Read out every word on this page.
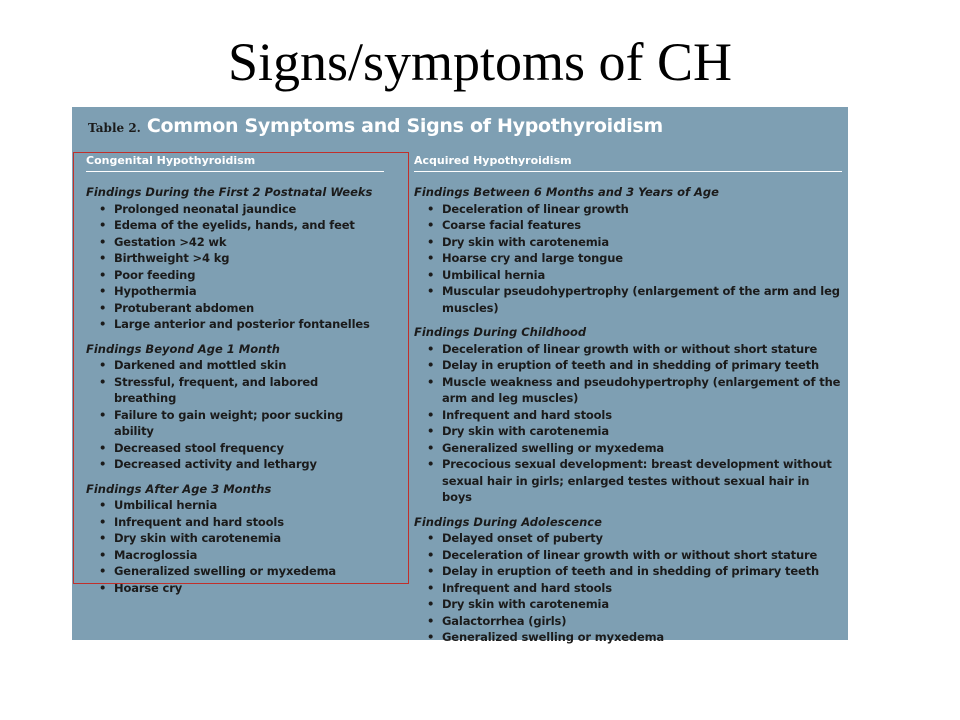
Signs/symptoms of CH
Table 2. Common Symptoms and Signs of Hypothyroidism
Congenital Hypothyroidism
Findings During the First 2 Postnatal Weeks
• Prolonged neonatal jaundice
• Edema of the eyelids, hands, and feet
• Gestation >42 wk
• Birthweight >4 kg
• Poor feeding
• Hypothermia
• Protuberant abdomen
• Large anterior and posterior fontanelles
Findings Beyond Age 1 Month
• Darkened and mottled skin
• Stressful, frequent, and labored breathing
• Failure to gain weight; poor sucking ability
• Decreased stool frequency
• Decreased activity and lethargy
Findings After Age 3 Months
• Umbilical hernia
• Infrequent and hard stools
• Dry skin with carotenemia
• Macroglossia
• Generalized swelling or myxedema
• Hoarse cry
Acquired Hypothyroidism
Findings Between 6 Months and 3 Years of Age
• Deceleration of linear growth
• Coarse facial features
• Dry skin with carotenemia
• Hoarse cry and large tongue
• Umbilical hernia
• Muscular pseudohypertrophy (enlargement of the arm and leg muscles)
Findings During Childhood
• Deceleration of linear growth with or without short stature
• Delay in eruption of teeth and in shedding of primary teeth
• Muscle weakness and pseudohypertrophy (enlargement of the arm and leg muscles)
• Infrequent and hard stools
• Dry skin with carotenemia
• Generalized swelling or myxedema
• Precocious sexual development: breast development without sexual hair in girls; enlarged testes without sexual hair in boys
Findings During Adolescence
• Delayed onset of puberty
• Deceleration of linear growth with or without short stature
• Delay in eruption of teeth and in shedding of primary teeth
• Infrequent and hard stools
• Dry skin with carotenemia
• Galactorrhea (girls)
• Generalized swelling or myxedema
